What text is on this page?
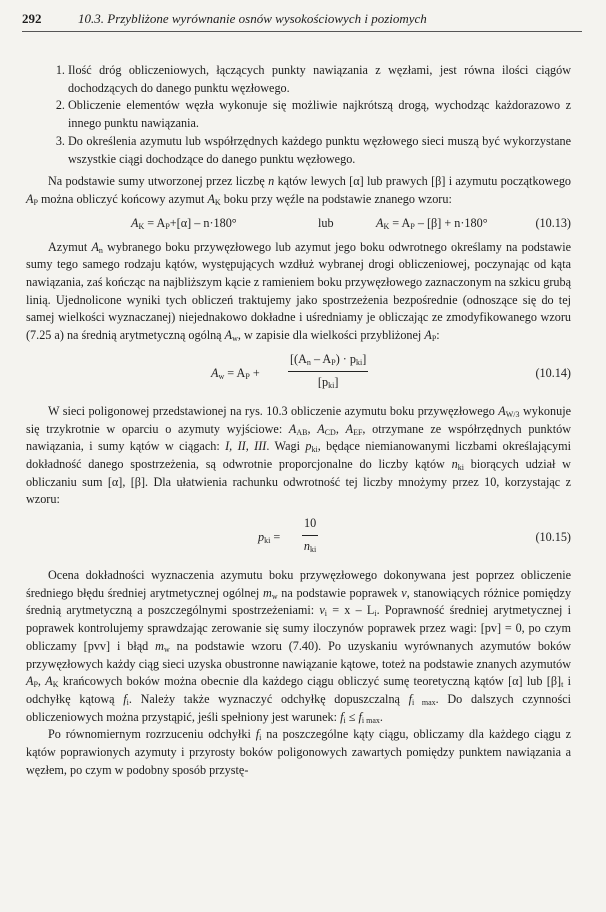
292	10.3. Przybliżone wyrównanie osnów wysokościowych i poziomych
1. Ilość dróg obliczeniowych, łączących punkty nawiązania z węzłami, jest równa ilości ciągów dochodzących do danego punktu węzłowego.
2. Obliczenie elementów węzła wykonuje się możliwie najkrótszą drogą, wychodząc każdorazowo z innego punktu nawiązania.
3. Do określenia azymutu lub współrzędnych każdego punktu węzłowego sieci muszą być wykorzystane wszystkie ciągi dochodzące do danego punktu węzłowego.

Na podstawie sumy utworzonej przez liczbę n kątów lewych [α] lub prawych [β] i azymutu początkowego $A_P$ można obliczyć końcowy azymut $A_K$ boku przy węźle na podstawie znanego wzoru:

$A_K = A_P+[\alpha] - n\cdot 180^\circ$	lub	$A_K = A_P - [\beta] + n\cdot 180^\circ$	(10.13)

Azymut $A_n$ wybranego boku przywęzłowego lub azymut jego boku odwrotnego określamy na podstawie sumy tego samego rodzaju kątów, występujących wzdłuż wybranej drogi obliczeniowej, poczynając od kąta nawiązania, zaś kończąc na najbliższym kącie z ramieniem boku przywęzłowego zaznaczonym na szkicu grubą linią. Ujednolicone wyniki tych obliczeń traktujemy jako spostrzeżenia bezpośrednie (odnoszące się do tej samej wielkości wyznaczanej) niejednakowo dokładne i uśredniamy je obliczając ze zmodyfikowanego wzoru (7.25 a) na średnią arytmetyczną ogólną $A_w$, w zapisie dla wielkości przybliżonej $A_P$:

$A_w = A_P$ +
$[(A_n - A_P) \cdot p_{ki}]$
$[p_{ki}]$
(10.14)

W sieci poligonowej przedstawionej na rys. 10.3 obliczenie azymutu boku przywęzłowego $A_{W/3}$ wykonuje się trzykrotnie w oparciu o azymuty wyjściowe: $A_{AB}$, $A_{CD}$, $A_{EF}$, otrzymane ze współrzędnych punktów nawiązania, i sumy kątów w ciągach: I, II, III. Wagi $p_{ki}$, będące niemianowanymi liczbami określającymi dokładność danego spostrzeżenia, są odwrotnie proporcjonalne do liczby kątów $n_{ki}$ biorących udział w obliczaniu sum [α], [β]. Dla ułatwienia rachunku odwrotność tej liczby mnożymy przez 10, korzystając z wzoru:

$p_{ki}$ =
10
$n_{ki}$
(10.15)

Ocena dokładności wyznaczenia azymutu boku przywęzłowego dokonywana jest poprzez obliczenie średniego błędu średniej arytmetycznej ogólnej $m_w$ na podstawie poprawek v, stanowiących różnice pomiędzy średnią arytmetyczną a poszczególnymi spostrzeżeniami: $v_i = x - L_i$. Poprawność średniej arytmetycznej i poprawek kontrolujemy sprawdzając zerowanie się sumy iloczynów poprawek przez wagi: [pv] = 0, po czym obliczamy [pvv] i błąd $m_w$ na podstawie wzoru (7.40). Po uzyskaniu wyrównanych azymutów boków przywęzłowych każdy ciąg sieci uzyska obustronne nawiązanie kątowe, toteż na podstawie znanych azymutów $A_P$, $A_K$ krańcowych boków można obecnie dla każdego ciągu obliczyć sumę teoretyczną kątów [α] lub $[\beta]_t$ i odchyłkę kątową $f_i$. Należy także wyznaczyć odchyłkę dopuszczalną $f_{i max}$. Do dalszych czynności obliczeniowych można przystąpić, jeśli spełniony jest warunek: $f_i \le f_{i max}$.

Po równomiernym rozrzuceniu odchyłki $f_i$ na poszczególne kąty ciągu, obliczamy dla każdego ciągu z kątów poprawionych azymuty i przyrosty boków poligonowych zawartych pomiędzy punktem nawiązania a węzłem, po czym w podobny sposób przystę-
